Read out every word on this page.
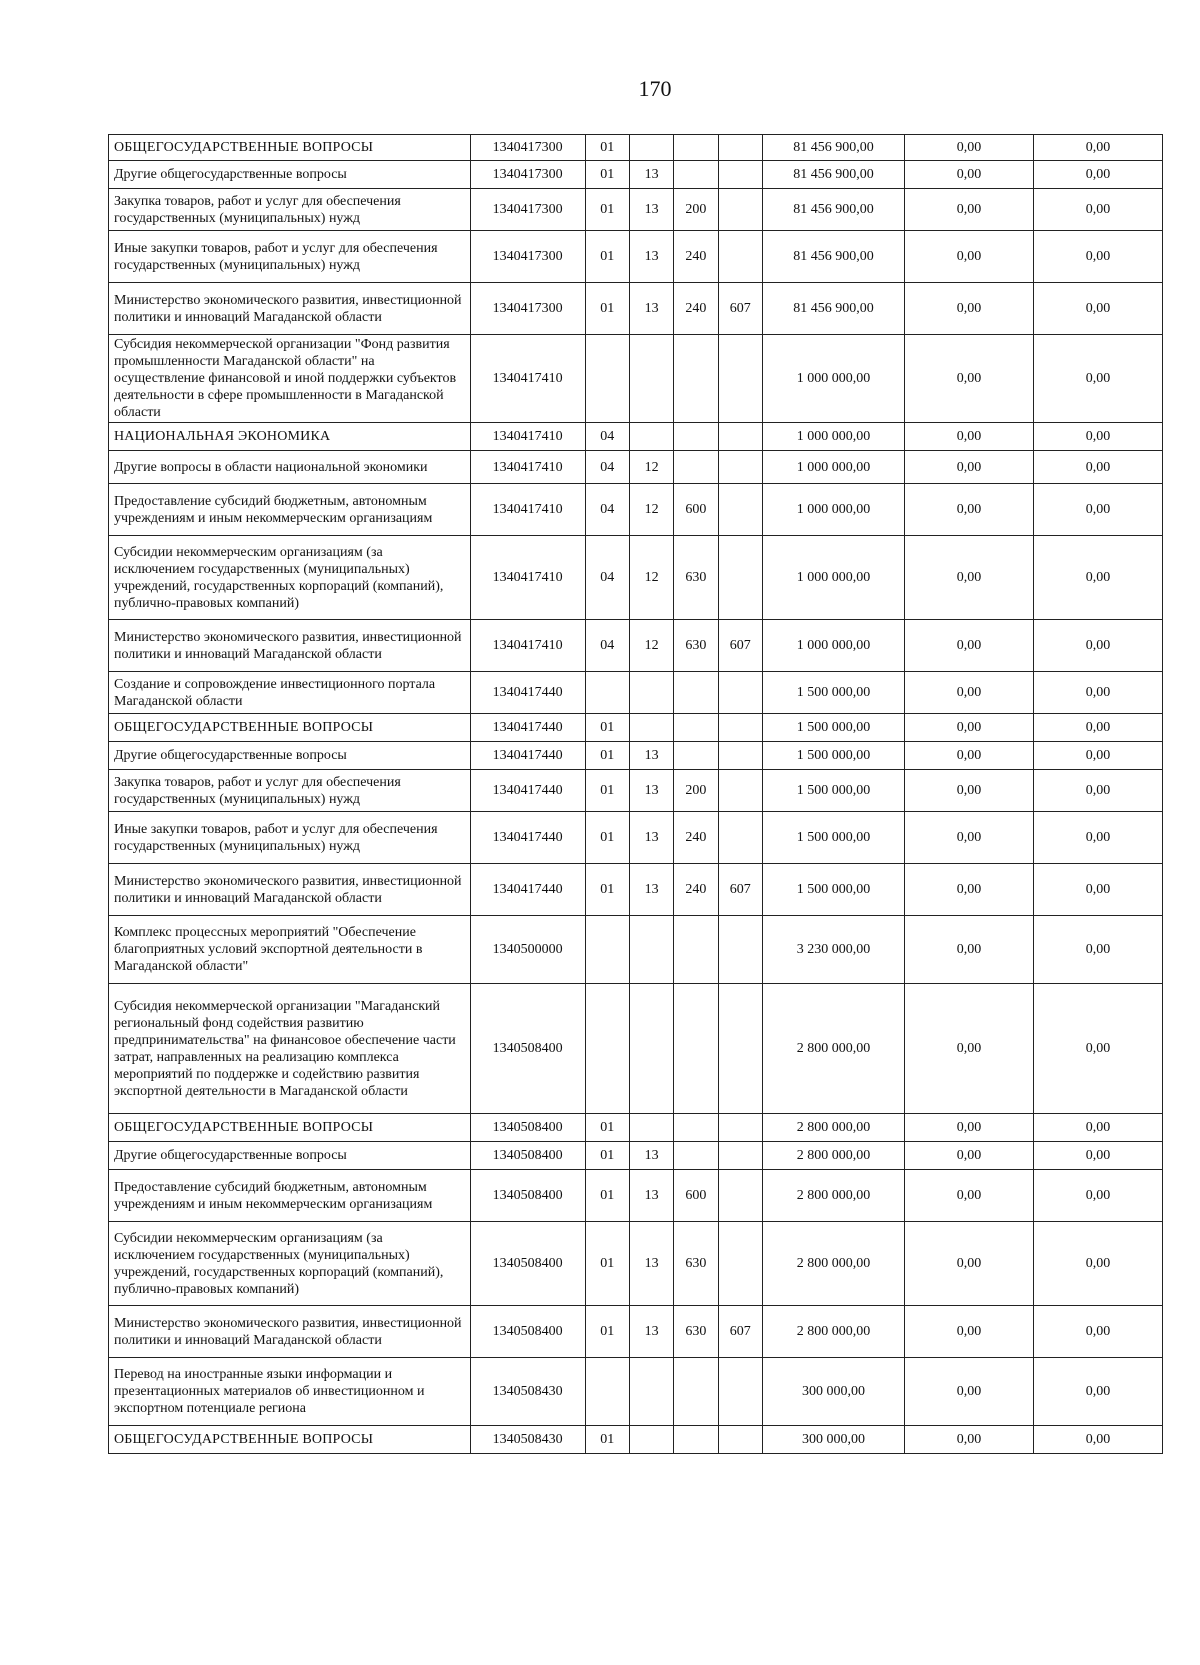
170
ОБЩЕГОСУДАРСТВЕННЫЕ ВОПРОСЫ	1340417300	01				81 456 900,00	0,00	0,00
Другие общегосударственные вопросы	1340417300	01	13			81 456 900,00	0,00	0,00
Закупка товаров, работ и услуг для обеспечения государственных (муниципальных) нужд	1340417300	01	13	200		81 456 900,00	0,00	0,00
Иные закупки товаров, работ и услуг для обеспечения государственных (муниципальных) нужд	1340417300	01	13	240		81 456 900,00	0,00	0,00
Министерство экономического развития, инвестиционной политики и инноваций Магаданской области	1340417300	01	13	240	607	81 456 900,00	0,00	0,00
Субсидия некоммерческой организации "Фонд развития промышленности Магаданской области" на осуществление финансовой и иной поддержки субъектов деятельности в сфере промышленности в Магаданской области	1340417410					1 000 000,00	0,00	0,00
НАЦИОНАЛЬНАЯ ЭКОНОМИКА	1340417410	04				1 000 000,00	0,00	0,00
Другие вопросы в области национальной экономики	1340417410	04	12			1 000 000,00	0,00	0,00
Предоставление субсидий бюджетным, автономным учреждениям и иным некоммерческим организациям	1340417410	04	12	600		1 000 000,00	0,00	0,00
Субсидии некоммерческим организациям (за исключением государственных (муниципальных) учреждений, государственных корпораций (компаний), публично-правовых компаний)	1340417410	04	12	630		1 000 000,00	0,00	0,00
Министерство экономического развития, инвестиционной политики и инноваций Магаданской области	1340417410	04	12	630	607	1 000 000,00	0,00	0,00
Создание и сопровождение инвестиционного портала Магаданской области	1340417440					1 500 000,00	0,00	0,00
ОБЩЕГОСУДАРСТВЕННЫЕ ВОПРОСЫ	1340417440	01				1 500 000,00	0,00	0,00
Другие общегосударственные вопросы	1340417440	01	13			1 500 000,00	0,00	0,00
Закупка товаров, работ и услуг для обеспечения государственных (муниципальных) нужд	1340417440	01	13	200		1 500 000,00	0,00	0,00
Иные закупки товаров, работ и услуг для обеспечения государственных (муниципальных) нужд	1340417440	01	13	240		1 500 000,00	0,00	0,00
Министерство экономического развития, инвестиционной политики и инноваций Магаданской области	1340417440	01	13	240	607	1 500 000,00	0,00	0,00
Комплекс процессных мероприятий "Обеспечение благоприятных условий экспортной деятельности в Магаданской области"	1340500000					3 230 000,00	0,00	0,00
Субсидия некоммерческой организации "Магаданский региональный фонд содействия развитию предпринимательства" на финансовое обеспечение части затрат, направленных на реализацию комплекса мероприятий по поддержке и содействию развития экспортной деятельности в Магаданской области	1340508400					2 800 000,00	0,00	0,00
ОБЩЕГОСУДАРСТВЕННЫЕ ВОПРОСЫ	1340508400	01				2 800 000,00	0,00	0,00
Другие общегосударственные вопросы	1340508400	01	13			2 800 000,00	0,00	0,00
Предоставление субсидий бюджетным, автономным учреждениям и иным некоммерческим организациям	1340508400	01	13	600		2 800 000,00	0,00	0,00
Субсидии некоммерческим организациям (за исключением государственных (муниципальных) учреждений, государственных корпораций (компаний), публично-правовых компаний)	1340508400	01	13	630		2 800 000,00	0,00	0,00
Министерство экономического развития, инвестиционной политики и инноваций Магаданской области	1340508400	01	13	630	607	2 800 000,00	0,00	0,00
Перевод на иностранные языки информации и презентационных материалов об инвестиционном и экспортном потенциале региона	1340508430					300 000,00	0,00	0,00
ОБЩЕГОСУДАРСТВЕННЫЕ ВОПРОСЫ	1340508430	01				300 000,00	0,00	0,00
